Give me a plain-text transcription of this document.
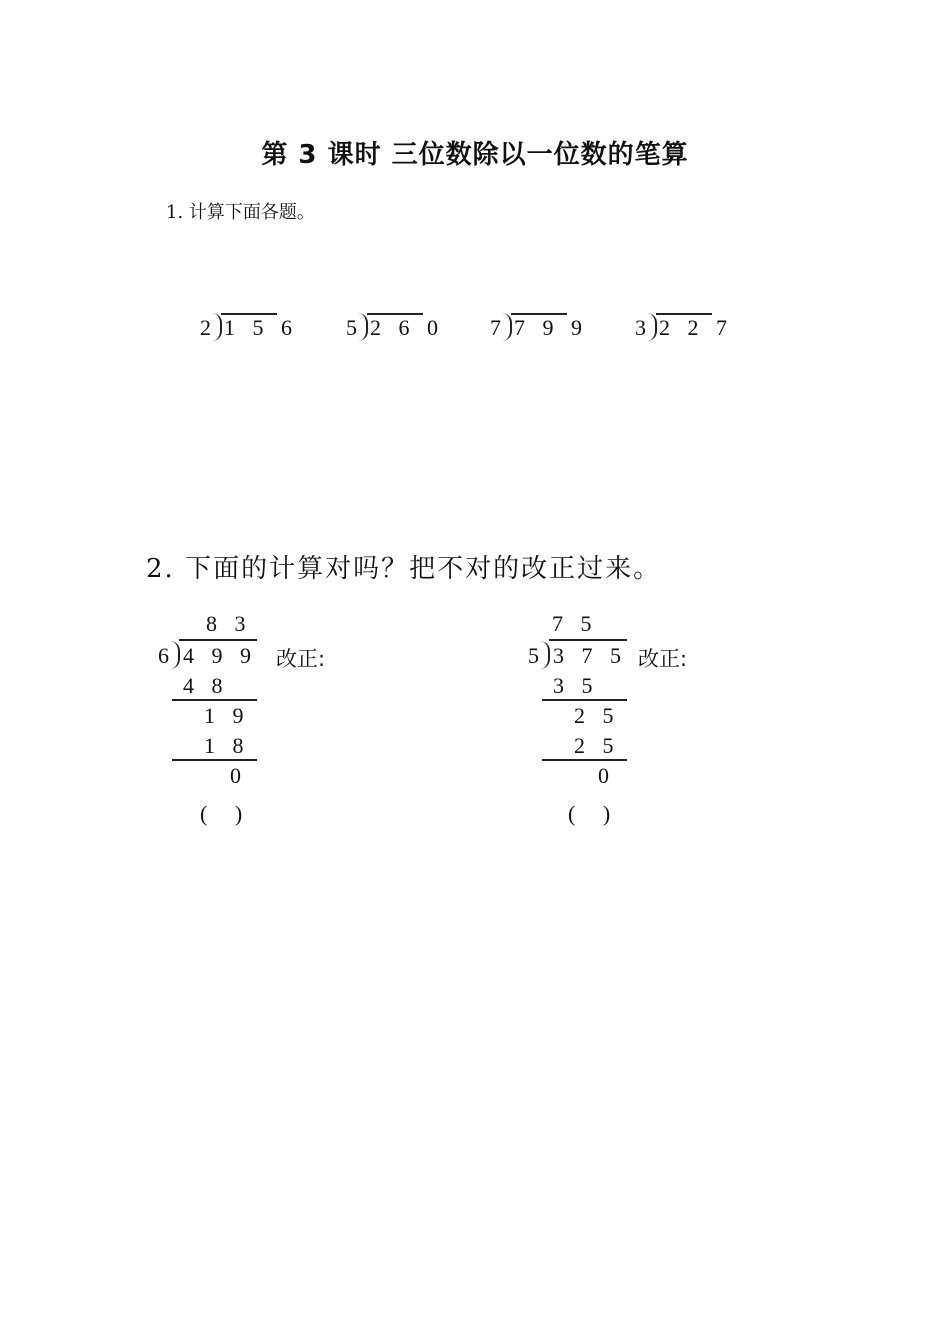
第 3 课时 三位数除以一位数的笔算
1. 计算下面各题。
2 1 5 6 5 2 6 0 7 7 9 9 3 2 2 7
2. 下面的计算对吗？把不对的改正过来。
8 3
6 4 9 9 改正:
4 8
1 9
1 8
0
(     )
7 5
5 3 7 5 改正:
3 5
2 5
2 5
0
(     )
